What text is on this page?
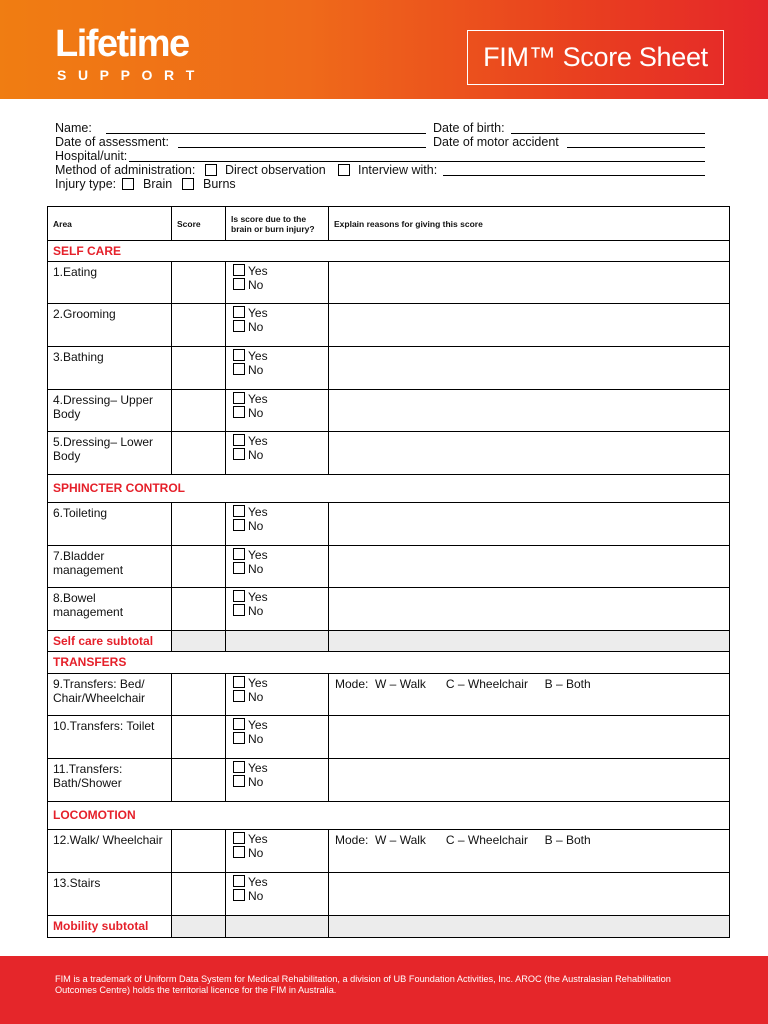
Lifetime
SUPPORT
FIM™ Score Sheet
Name:	Date of birth:
Date of assessment:	Date of motor accident
Hospital/unit:
Method of administration: Direct observation	Interview with:
Injury type: Brain Burns
Area	Score	Is score due to the brain or burn injury?	Explain reasons for giving this score
SELF CARE			
1.Eating		Yes
No	

2.Grooming		Yes
No	

3.Bathing		Yes
No	

4.Dressing– Upper Body		Yes
No	

5.Dressing– Lower Body		Yes
No	

SPHINCTER CONTROL			
6.Toileting		Yes
No	

7.Bladder management		Yes
No	

8.Bowel management		Yes
No	

Self care subtotal			
TRANSFERS			
9.Transfers: Bed/ Chair/Wheelchair		Yes
No	Mode:  W – Walk      C – Wheelchair     B – Both
10.Transfers: Toilet		Yes
No	

11.Transfers: Bath/Shower		Yes
No	

LOCOMOTION			
12.Walk/ Wheelchair		Yes
No	Mode:  W – Walk      C – Wheelchair     B – Both
13.Stairs		Yes
No	

Mobility subtotal			
FIM is a trademark of Uniform Data System for Medical Rehabilitation, a division of UB Foundation Activities, Inc. AROC (the Australasian Rehabilitation Outcomes Centre) holds the territorial licence for the FIM in Australia.
